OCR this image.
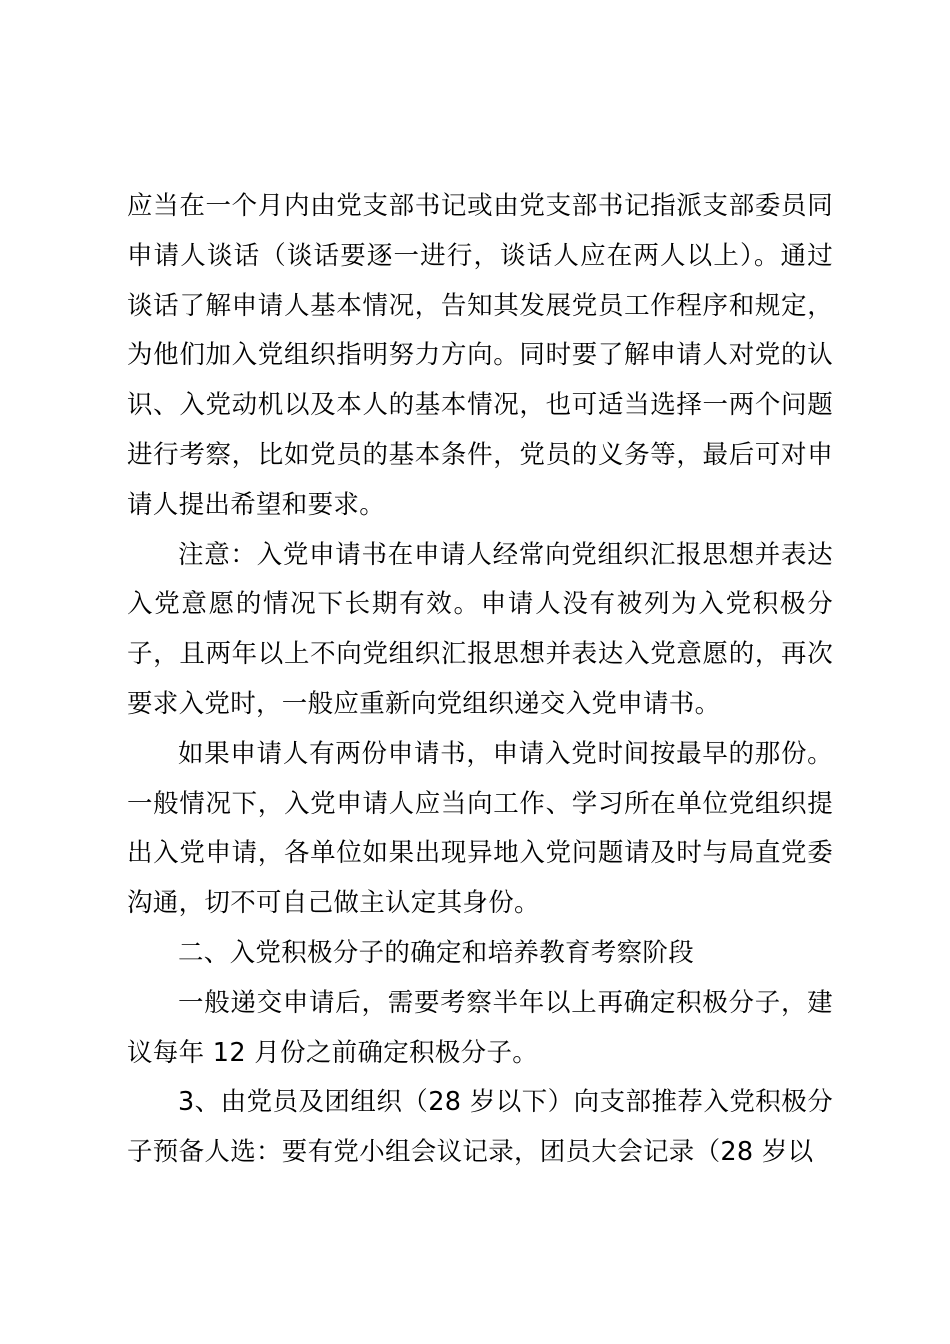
应当在一个月内由党支部书记或由党支部书记指派支部委员同申请人谈话（谈话要逐一进行，谈话人应在两人以上）。通过谈话了解申请人基本情况，告知其发展党员工作程序和规定，为他们加入党组织指明努力方向。同时要了解申请人对党的认识、入党动机以及本人的基本情况，也可适当选择一两个问题进行考察，比如党员的基本条件，党员的义务等，最后可对申请人提出希望和要求。

注意：入党申请书在申请人经常向党组织汇报思想并表达入党意愿的情况下长期有效。申请人没有被列为入党积极分子，且两年以上不向党组织汇报思想并表达入党意愿的，再次要求入党时，一般应重新向党组织递交入党申请书。

如果申请人有两份申请书，申请入党时间按最早的那份。一般情况下，入党申请人应当向工作、学习所在单位党组织提出入党申请，各单位如果出现异地入党问题请及时与局直党委沟通，切不可自己做主认定其身份。

二、入党积极分子的确定和培养教育考察阶段

一般递交申请后，需要考察半年以上再确定积极分子，建议每年 12 月份之前确定积极分子。

3、由党员及团组织（28 岁以下）向支部推荐入党积极分子预备人选：要有党小组会议记录，团员大会记录（28 岁以
